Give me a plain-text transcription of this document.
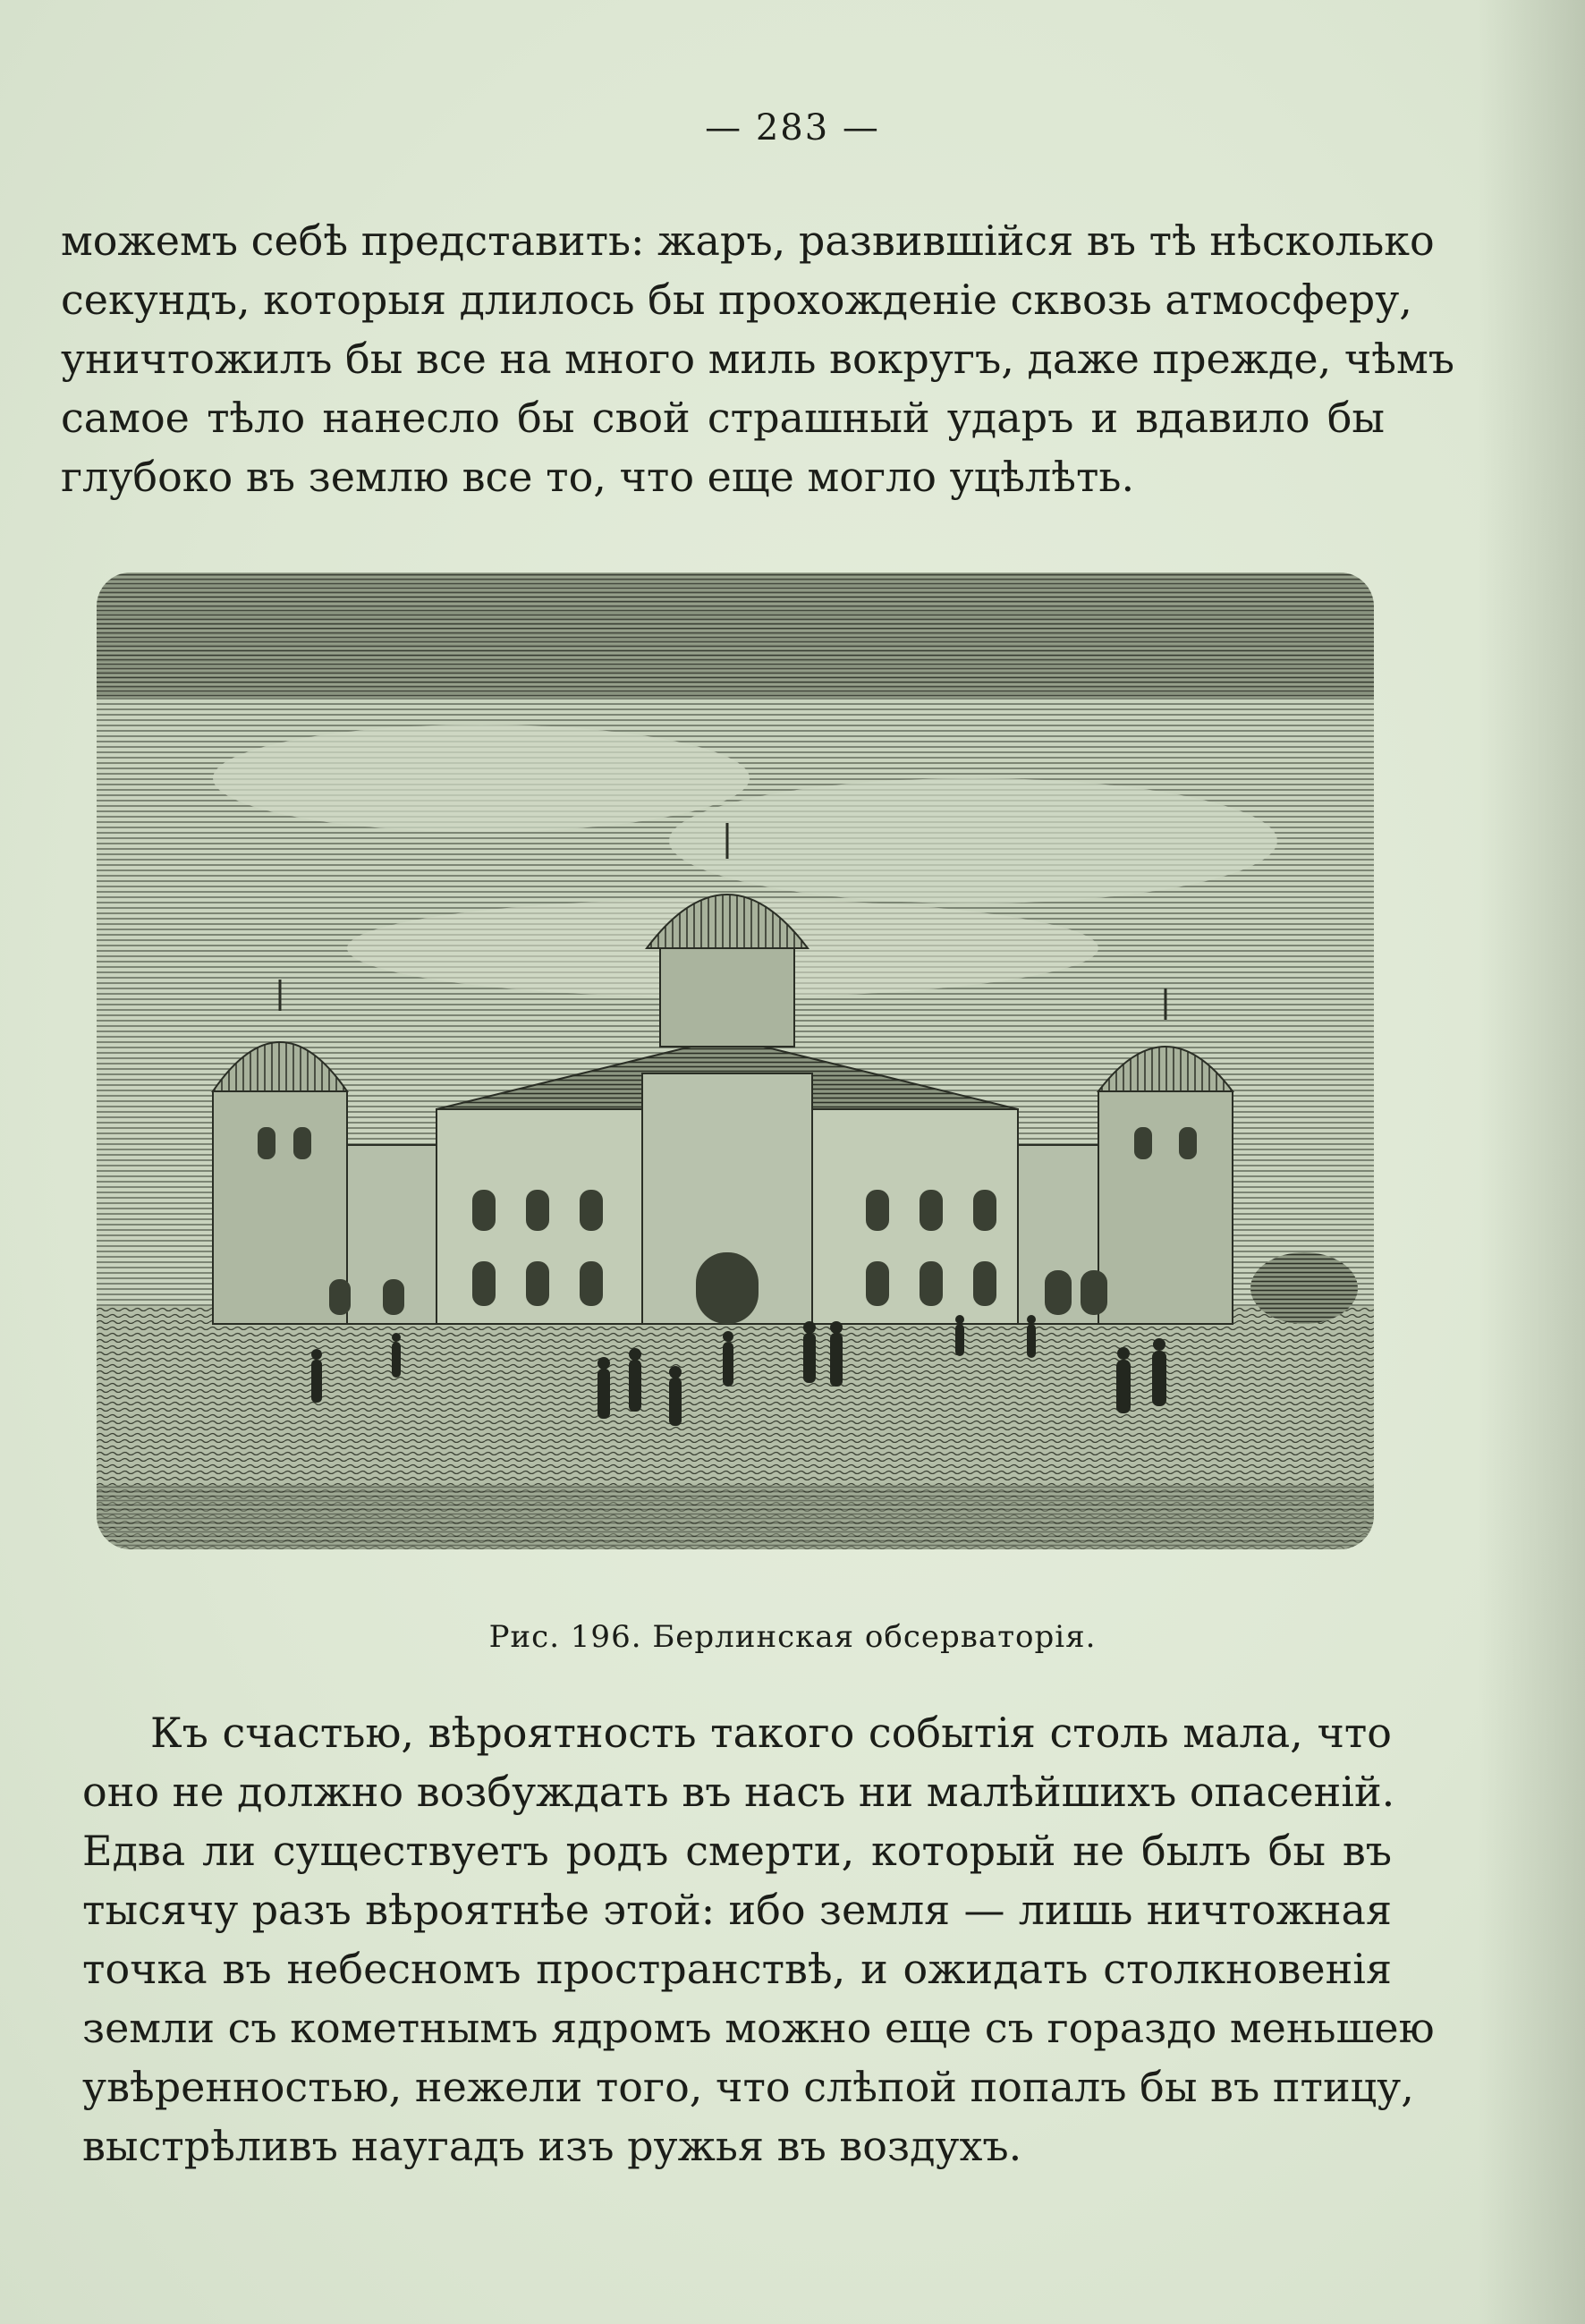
— 283 —
можемъ себѣ представить: жаръ, развившійся въ тѣ нѣсколько
секундъ, которыя длилось бы прохожденіе сквозь атмосферу,
уничтожилъ бы все на много миль вокругъ, даже прежде, чѣмъ
самое тѣло нанесло бы свой страшный ударъ и вдавило бы
глубоко въ землю все то, что еще могло уцѣлѣть.
Рис. 196. Берлинская обсерваторія.
Къ счастью, вѣроятность такого событія столь мала, что
оно не должно возбуждать въ насъ ни малѣйшихъ опасеній.
Едва ли существуетъ родъ смерти, который не былъ бы въ
тысячу разъ вѣроятнѣе этой: ибо земля — лишь ничтожная
точка въ небесномъ пространствѣ, и ожидать столкновенія
земли съ кометнымъ ядромъ можно еще съ гораздо меньшею
увѣренностью, нежели того, что слѣпой попалъ бы въ птицу,
выстрѣливъ наугадъ изъ ружья въ воздухъ.
